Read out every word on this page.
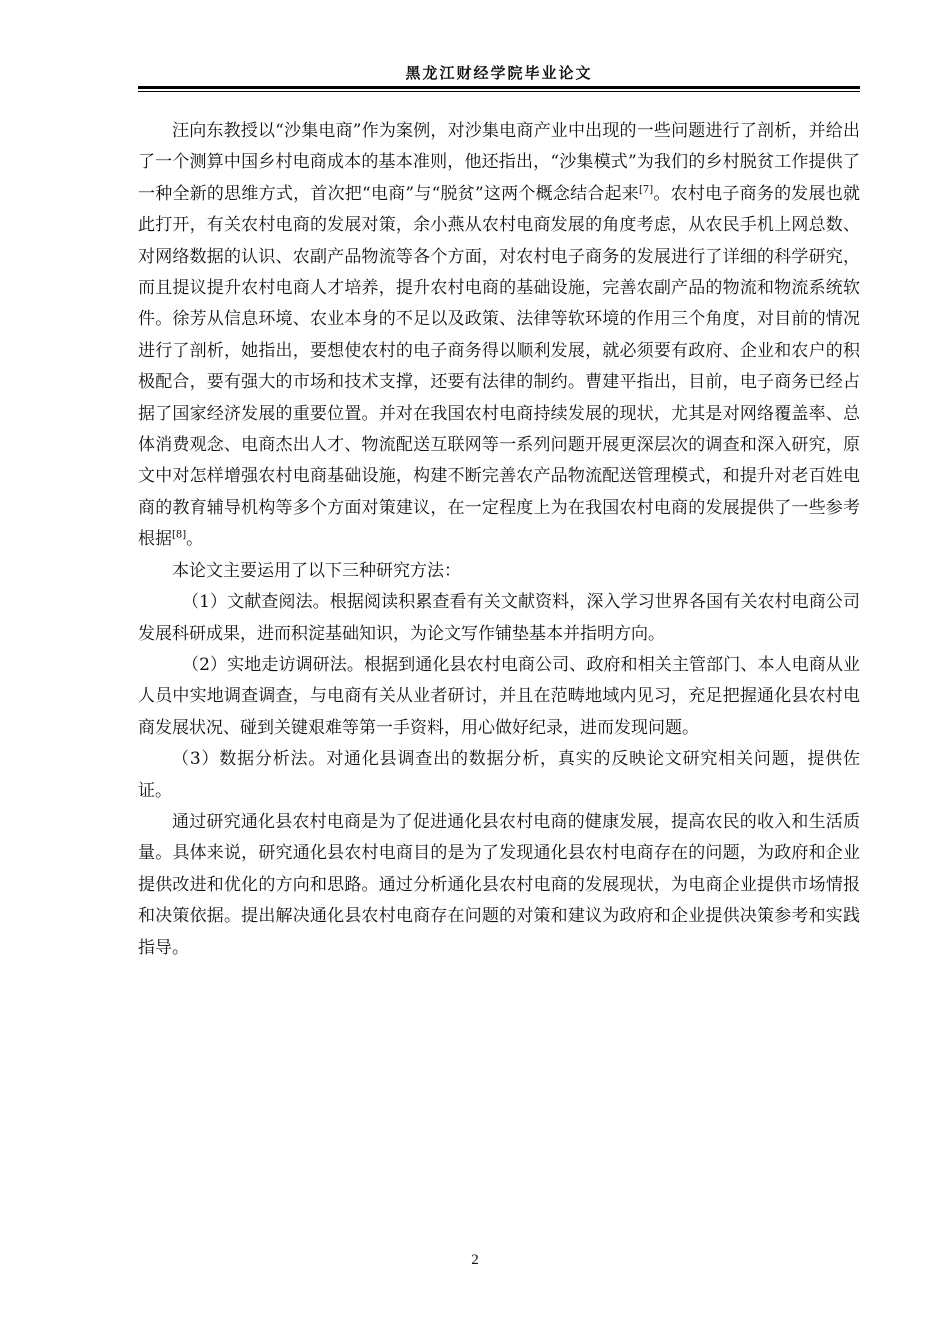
黑龙江财经学院毕业论文

汪向东教授以“沙集电商”作为案例，对沙集电商产业中出现的一些问题进行了剖析，并给出了一个测算中国乡村电商成本的基本准则，他还指出，“沙集模式”为我们的乡村脱贫工作提供了一种全新的思维方式，首次把“电商”与“脱贫”这两个概念结合起来[7]。农村电子商务的发展也就此打开，有关农村电商的发展对策，余小燕从农村电商发展的角度考虑，从农民手机上网总数、对网络数据的认识、农副产品物流等各个方面，对农村电子商务的发展进行了详细的科学研究，而且提议提升农村电商人才培养，提升农村电商的基础设施，完善农副产品的物流和物流系统软件。徐芳从信息环境、农业本身的不足以及政策、法律等软环境的作用三个角度，对目前的情况进行了剖析，她指出，要想使农村的电子商务得以顺利发展，就必须要有政府、企业和农户的积极配合，要有强大的市场和技术支撑，还要有法律的制约。曹建平指出，目前，电子商务已经占据了国家经济发展的重要位置。并对在我国农村电商持续发展的现状，尤其是对网络覆盖率、总体消费观念、电商杰出人才、物流配送互联网等一系列问题开展更深层次的调查和深入研究，原文中对怎样增强农村电商基础设施，构建不断完善农产品物流配送管理模式，和提升对老百姓电商的教育辅导机构等多个方面对策建议，在一定程度上为在我国农村电商的发展提供了一些参考根据[8]。

本论文主要运用了以下三种研究方法：

（1）文献查阅法。根据阅读积累查看有关文献资料，深入学习世界各国有关农村电商公司发展科研成果，进而积淀基础知识，为论文写作铺垫基本并指明方向。

（2）实地走访调研法。根据到通化县农村电商公司、政府和相关主管部门、本人电商从业人员中实地调查调查，与电商有关从业者研讨，并且在范畴地域内见习，充足把握通化县农村电商发展状况、碰到关键艰难等第一手资料，用心做好纪录，进而发现问题。

（3）数据分析法。对通化县调查出的数据分析，真实的反映论文研究相关问题，提供佐证。

通过研究通化县农村电商是为了促进通化县农村电商的健康发展，提高农民的收入和生活质量。具体来说，研究通化县农村电商目的是为了发现通化县农村电商存在的问题，为政府和企业提供改进和优化的方向和思路。通过分析通化县农村电商的发展现状，为电商企业提供市场情报和决策依据。提出解决通化县农村电商存在问题的对策和建议为政府和企业提供决策参考和实践指导。

2
